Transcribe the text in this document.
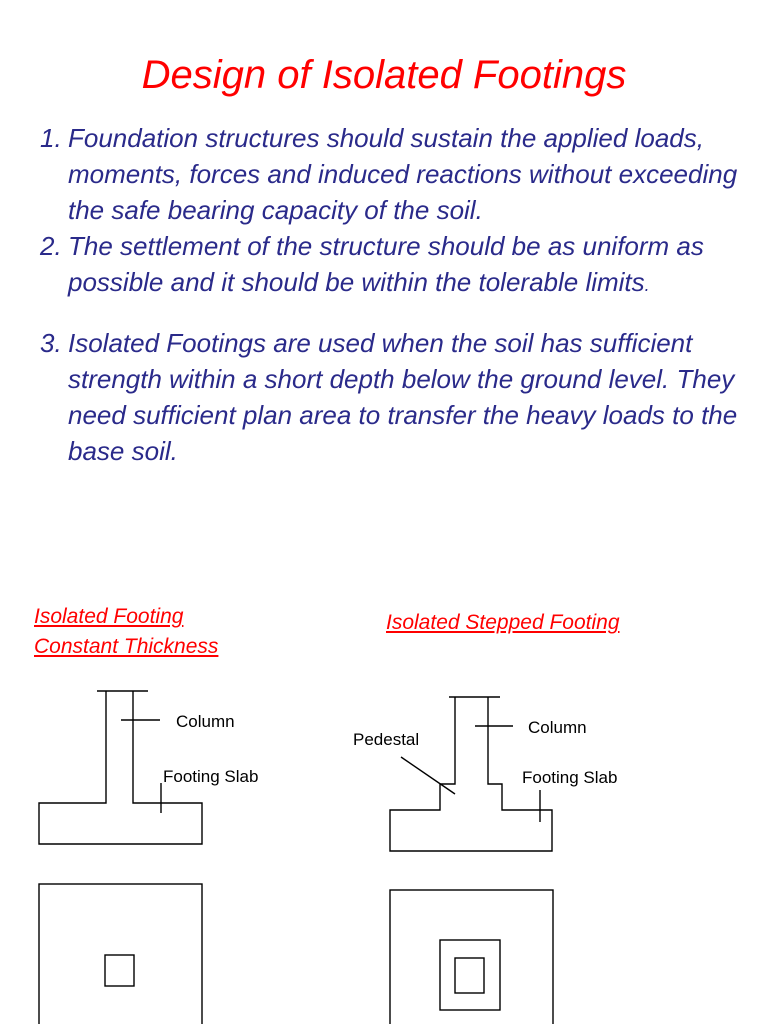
Design of Isolated Footings
1. Foundation structures should sustain the applied loads, moments, forces and induced reactions without exceeding the safe bearing capacity of the soil.
2. The settlement of the structure should be as uniform as possible and it should be within the tolerable limits.
3. Isolated Footings are used when the soil has sufficient strength within a short depth below the ground level. They need sufficient plan area to transfer the heavy loads to the base soil.
Isolated Footing
Constant Thickness
Isolated Stepped Footing
Column
Footing Slab
Pedestal
Column
Footing Slab
